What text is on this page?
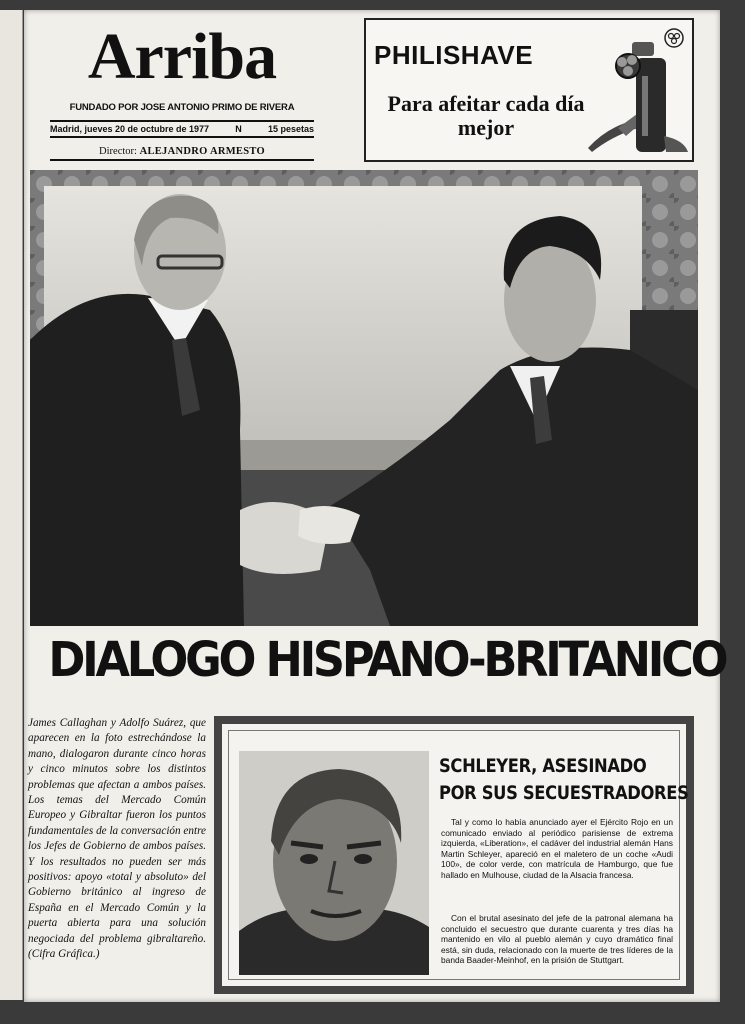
Arriba
FUNDADO POR JOSE ANTONIO PRIMO DE RIVERA
Madrid, jueves 20 de octubre de 1977	N	15 pesetas
Director: ALEJANDRO ARMESTO
PHILISHAVE
Para afeitar cada día mejor
DIALOGO HISPANO-BRITANICO

James Callaghan y Adolfo Suárez, que aparecen en la foto estrechándose la mano, dialogaron durante cinco horas y cinco minutos sobre los distintos problemas que afectan a ambos países. Los temas del Mercado Común Europeo y Gibraltar fueron los puntos fundamentales de la conversación entre los Jefes de Gobierno de ambos países. Y los resultados no pueden ser más positivos: apoyo «total y absoluto» del Gobierno británico al ingreso de España en el Mercado Común y la puerta abierta para una solución negociada del problema gibraltareño. (Cifra Gráfica.)

SCHLEYER, ASESINADO
POR SUS SECUESTRADORES

Tal y como lo había anunciado ayer el Ejército Rojo en un comunicado enviado al periódico parisiense de extrema izquierda, «Liberation», el cadáver del industrial alemán Hans Martin Schleyer, apareció en el maletero de un coche «Audi 100», de color verde, con matrícula de Hamburgo, que fue hallado en Mulhouse, ciudad de la Alsacia francesa.

Con el brutal asesinato del jefe de la patronal alemana ha concluido el secuestro que durante cuarenta y tres días ha mantenido en vilo al pueblo alemán y cuyo dramático final está, sin duda, relacionado con la muerte de tres líderes de la banda Baader-Meinhof, en la prisión de Stuttgart.
